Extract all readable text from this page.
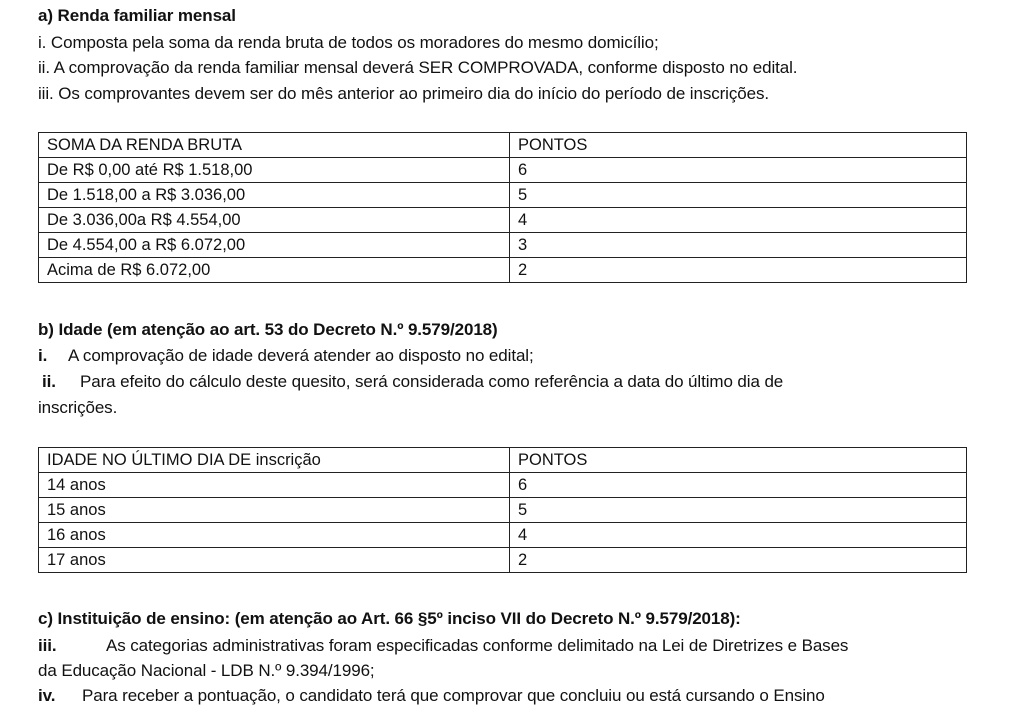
a) Renda familiar mensal
i. Composta pela soma da renda bruta de todos os moradores do mesmo domicílio;
ii. A comprovação da renda familiar mensal deverá SER COMPROVADA, conforme disposto no edital.
iii. Os comprovantes devem ser do mês anterior ao primeiro dia do início do período de inscrições.
SOMA DA RENDA BRUTA	PONTOS
De R$ 0,00 até R$ 1.518,00	6
De 1.518,00 a R$ 3.036,00	5
De 3.036,00a R$ 4.554,00	4
De 4.554,00 a R$ 6.072,00	3
Acima de R$ 6.072,00	2
b) Idade (em atenção ao art. 53 do Decreto N.º 9.579/2018)
i. A comprovação de idade deverá atender ao disposto no edital;
ii. Para efeito do cálculo deste quesito, será considerada como referência a data do último dia de
inscrições.
IDADE NO ÚLTIMO DIA DE inscrição	PONTOS
14 anos	6
15 anos	5
16 anos	4
17 anos	2
c) Instituição de ensino: (em atenção ao Art. 66 §5º inciso VII do Decreto N.º 9.579/2018):
iii.	As categorias administrativas foram especificadas conforme delimitado na Lei de Diretrizes e Bases
da Educação Nacional - LDB N.º 9.394/1996;
iv. Para receber a pontuação, o candidato terá que comprovar que concluiu ou está cursando o Ensino
